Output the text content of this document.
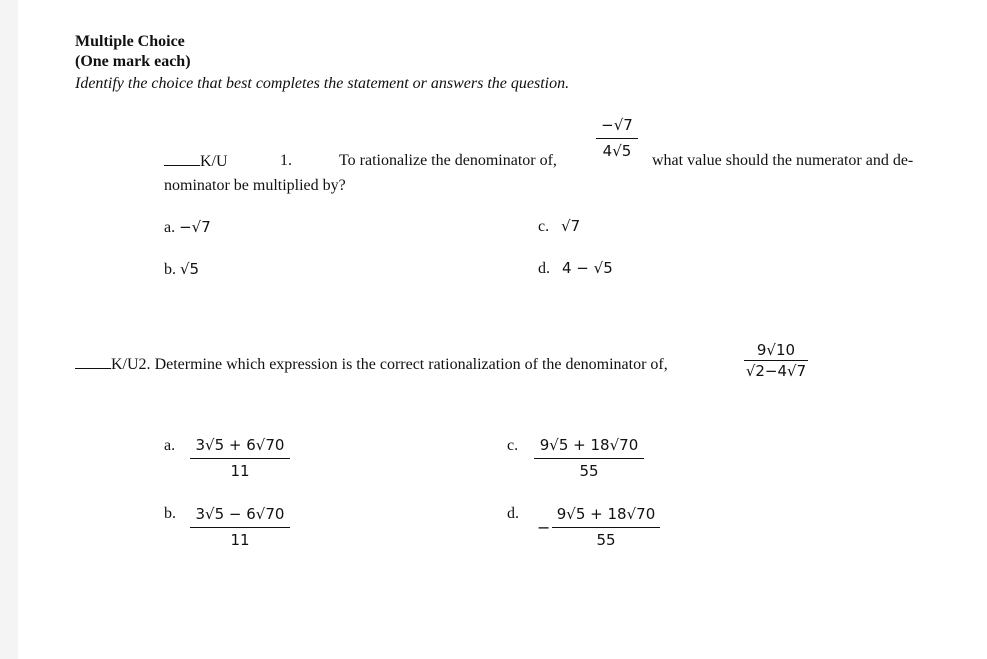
Multiple Choice
(One mark each)
Identify the choice that best completes the statement or answers the question.
K/U	1.	To rationalize the denominator of,
−√7
4√5
what value should the numerator and de-
nominator be multiplied by?
a. −√7
b. √5
c. √7
d. 4 − √5
K/U2. Determine which expression is the correct rationalization of the denominator of,
9√10
√2−4√7
a.	3√5 + 6√70
11
b.	3√5 − 6√70
11
c.	9√5 + 18√70
55
d.
−
9√5 + 18√70
55
